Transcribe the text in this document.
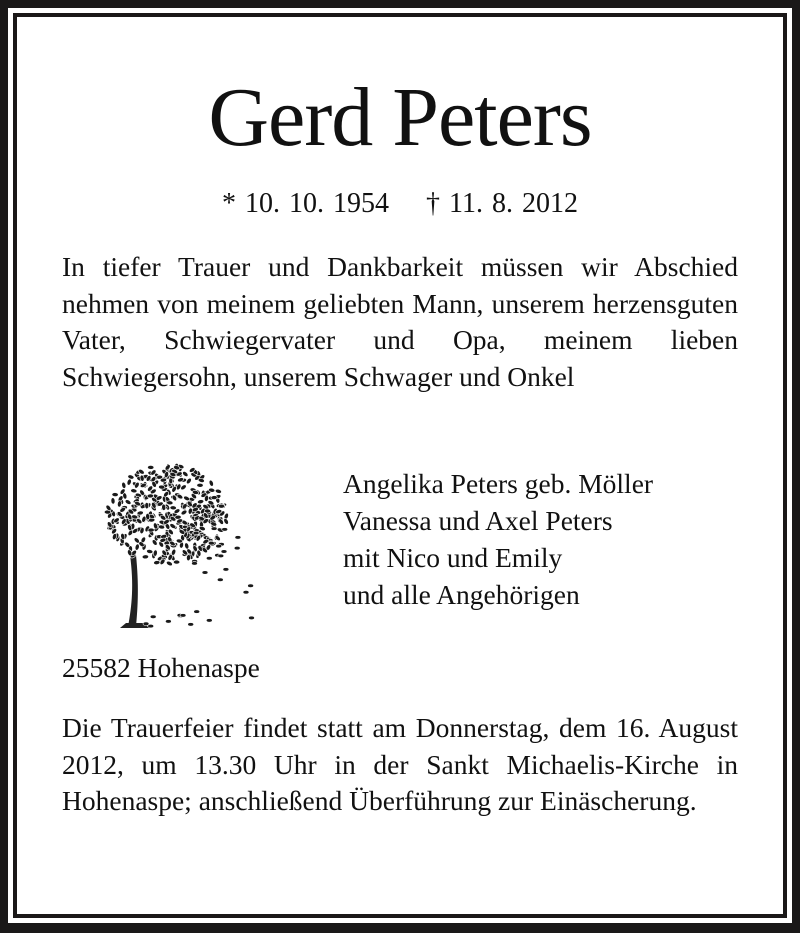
Gerd Peters
* 10. 10. 1954 † 11. 8. 2012
In tiefer Trauer und Dankbarkeit müssen wir Abschied nehmen von meinem geliebten Mann, unserem herzensguten Vater, Schwiegervater und Opa, meinem lieben Schwiegersohn, unserem Schwager und Onkel
Angelika Peters geb. Möller
Vanessa und Axel Peters
mit Nico und Emily
und alle Angehörigen
25582 Hohenaspe
Die Trauerfeier findet statt am Donnerstag, dem 16. August 2012, um 13.30 Uhr in der Sankt Michaelis-Kirche in Hohenaspe; anschließend Überführung zur Einäscherung.
